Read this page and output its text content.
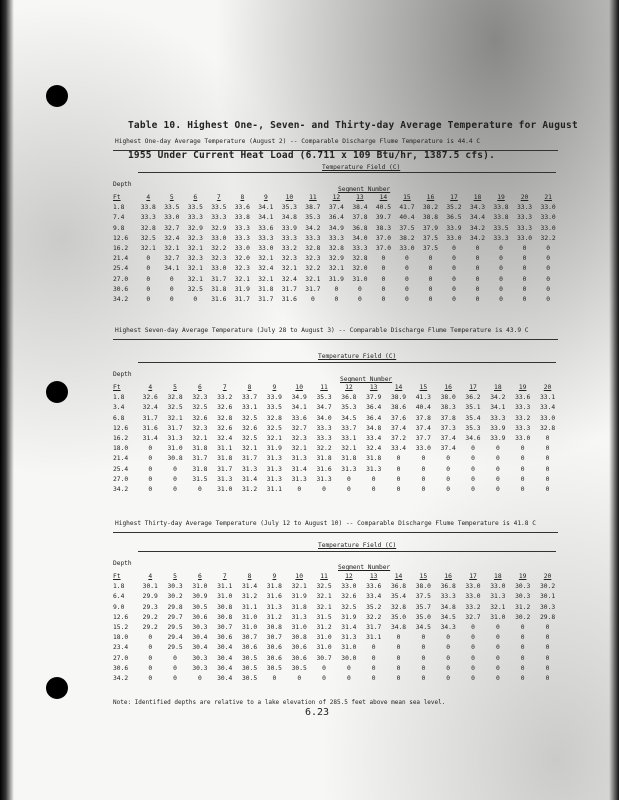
Table 10. Highest One-, Seven- and Thirty-day Average Temperature for August

1955 Under Current Heat Load (6.711 x 109 Btu/hr, 1387.5 cfs).

Highest One-day Average Temperature (August 2) -- Comparable Discharge Flume Temperature is 44.4 C
Temperature Field (C)
Depth
Segment Number
Ft	4	5	6	7	8	9	10	11	12	13	14	15	16	17	18	19	20	21
1.8	33.8	33.5	33.5	33.5	33.6	34.1	35.3	38.7	37.4	38.4	40.5	41.7	38.2	35.2	34.3	33.8	33.3	33.0
7.4	33.3	33.0	33.3	33.3	33.8	34.1	34.8	35.3	36.4	37.8	39.7	40.4	38.8	36.5	34.4	33.8	33.3	33.0
9.8	32.8	32.7	32.9	32.9	33.3	33.6	33.9	34.2	34.9	36.8	38.3	37.5	37.9	33.9	34.2	33.5	33.3	33.0
12.6	32.5	32.4	32.3	33.0	33.3	33.3	33.3	33.3	33.3	34.0	37.0	38.2	37.5	33.0	34.2	33.3	33.0	32.2
16.2	32.1	32.1	32.1	32.2	33.0	33.0	33.2	32.8	32.8	33.3	37.0	33.0	37.5	0	0	0	0	0
21.4	0	32.7	32.3	32.3	32.0	32.1	32.3	32.3	32.9	32.8	0	0	0	0	0	0	0	0
25.4	0	34.1	32.1	33.0	32.3	32.4	32.1	32.2	32.1	32.0	0	0	0	0	0	0	0	0
27.0	0	0	32.1	31.7	32.1	32.1	32.4	32.1	31.9	31.0	0	0	0	0	0	0	0	0
30.6	0	0	32.5	31.8	31.9	31.8	31.7	31.7	0	0	0	0	0	0	0	0	0	0
34.2	0	0	0	31.6	31.7	31.7	31.6	0	0	0	0	0	0	0	0	0	0	0
Highest Seven-day Average Temperature (July 28 to August 3) -- Comparable Discharge Flume Temperature is 43.9 C
Temperature Field (C)
Depth
Segment Number
Ft	4	5	6	7	8	9	10	11	12	13	14	15	16	17	18	19	20
1.8	32.6	32.8	32.3	33.2	33.7	33.9	34.9	35.3	36.8	37.9	38.9	41.3	38.0	36.2	34.2	33.6	33.1
3.4	32.4	32.5	32.5	32.6	33.1	33.5	34.1	34.7	35.3	36.4	38.6	40.4	38.3	35.1	34.1	33.3	33.4
6.8	31.7	32.1	32.6	32.8	32.5	32.8	33.6	34.0	34.5	36.4	37.6	37.8	37.8	35.4	33.3	33.2	33.0
12.6	31.6	31.7	32.3	32.6	32.6	32.5	32.7	33.3	33.7	34.8	37.4	37.4	37.3	35.3	33.9	33.3	32.8
16.2	31.4	31.3	32.1	32.4	32.5	32.1	32.3	33.3	33.1	33.4	37.2	37.7	37.4	34.6	33.9	33.0	0
18.0	0	31.0	31.8	31.1	32.1	31.9	32.1	32.2	32.1	32.4	33.4	33.0	37.4	0	0	0	0
21.4	0	30.8	31.7	31.8	31.7	31.3	31.3	31.8	31.8	31.8	0	0	0	0	0	0	0
25.4	0	0	31.8	31.7	31.3	31.3	31.4	31.6	31.3	31.3	0	0	0	0	0	0	0
27.0	0	0	31.5	31.3	31.4	31.3	31.3	31.3	0	0	0	0	0	0	0	0	0
34.2	0	0	0	31.0	31.2	31.1	0	0	0	0	0	0	0	0	0	0	0
Highest Thirty-day Average Temperature (July 12 to August 10) -- Comparable Discharge Flume Temperature is 41.8 C
Temperature Field (C)
Depth
Segment Number
Ft	4	5	6	7	8	9	10	11	12	13	14	15	16	17	18	19	20
1.8	30.1	30.3	31.0	31.1	31.4	31.8	32.1	32.5	33.0	33.6	36.8	38.0	36.8	33.0	33.0	30.3	30.2
6.4	29.9	30.2	30.9	31.0	31.2	31.6	31.9	32.1	32.6	33.4	35.4	37.5	33.3	33.0	31.3	30.3	30.1
9.0	29.3	29.8	30.5	30.8	31.1	31.3	31.8	32.1	32.5	35.2	32.8	35.7	34.8	33.2	32.1	31.2	30.3
12.6	29.2	29.7	30.6	30.8	31.0	31.2	31.3	31.5	31.9	32.2	35.0	35.0	34.5	32.7	31.0	30.2	29.8
15.2	29.2	29.5	30.3	30.7	31.0	30.8	31.0	31.2	31.4	31.7	34.8	34.5	34.3	0	0	0	0
18.0	0	29.4	30.4	30.6	30.7	30.7	30.8	31.0	31.3	31.1	0	0	0	0	0	0	0
23.4	0	29.5	30.4	30.4	30.6	30.6	30.6	31.0	31.0	0	0	0	0	0	0	0	0
27.0	0	0	30.3	30.4	30.5	30.6	30.6	30.7	30.0	0	0	0	0	0	0	0	0
30.6	0	0	30.3	30.4	30.5	30.5	30.5	0	0	0	0	0	0	0	0	0	0
34.2	0	0	0	30.4	30.5	0	0	0	0	0	0	0	0	0	0	0	0
Note: Identified depths are relative to a lake elevation of 285.5 feet above mean sea level.
6.23
